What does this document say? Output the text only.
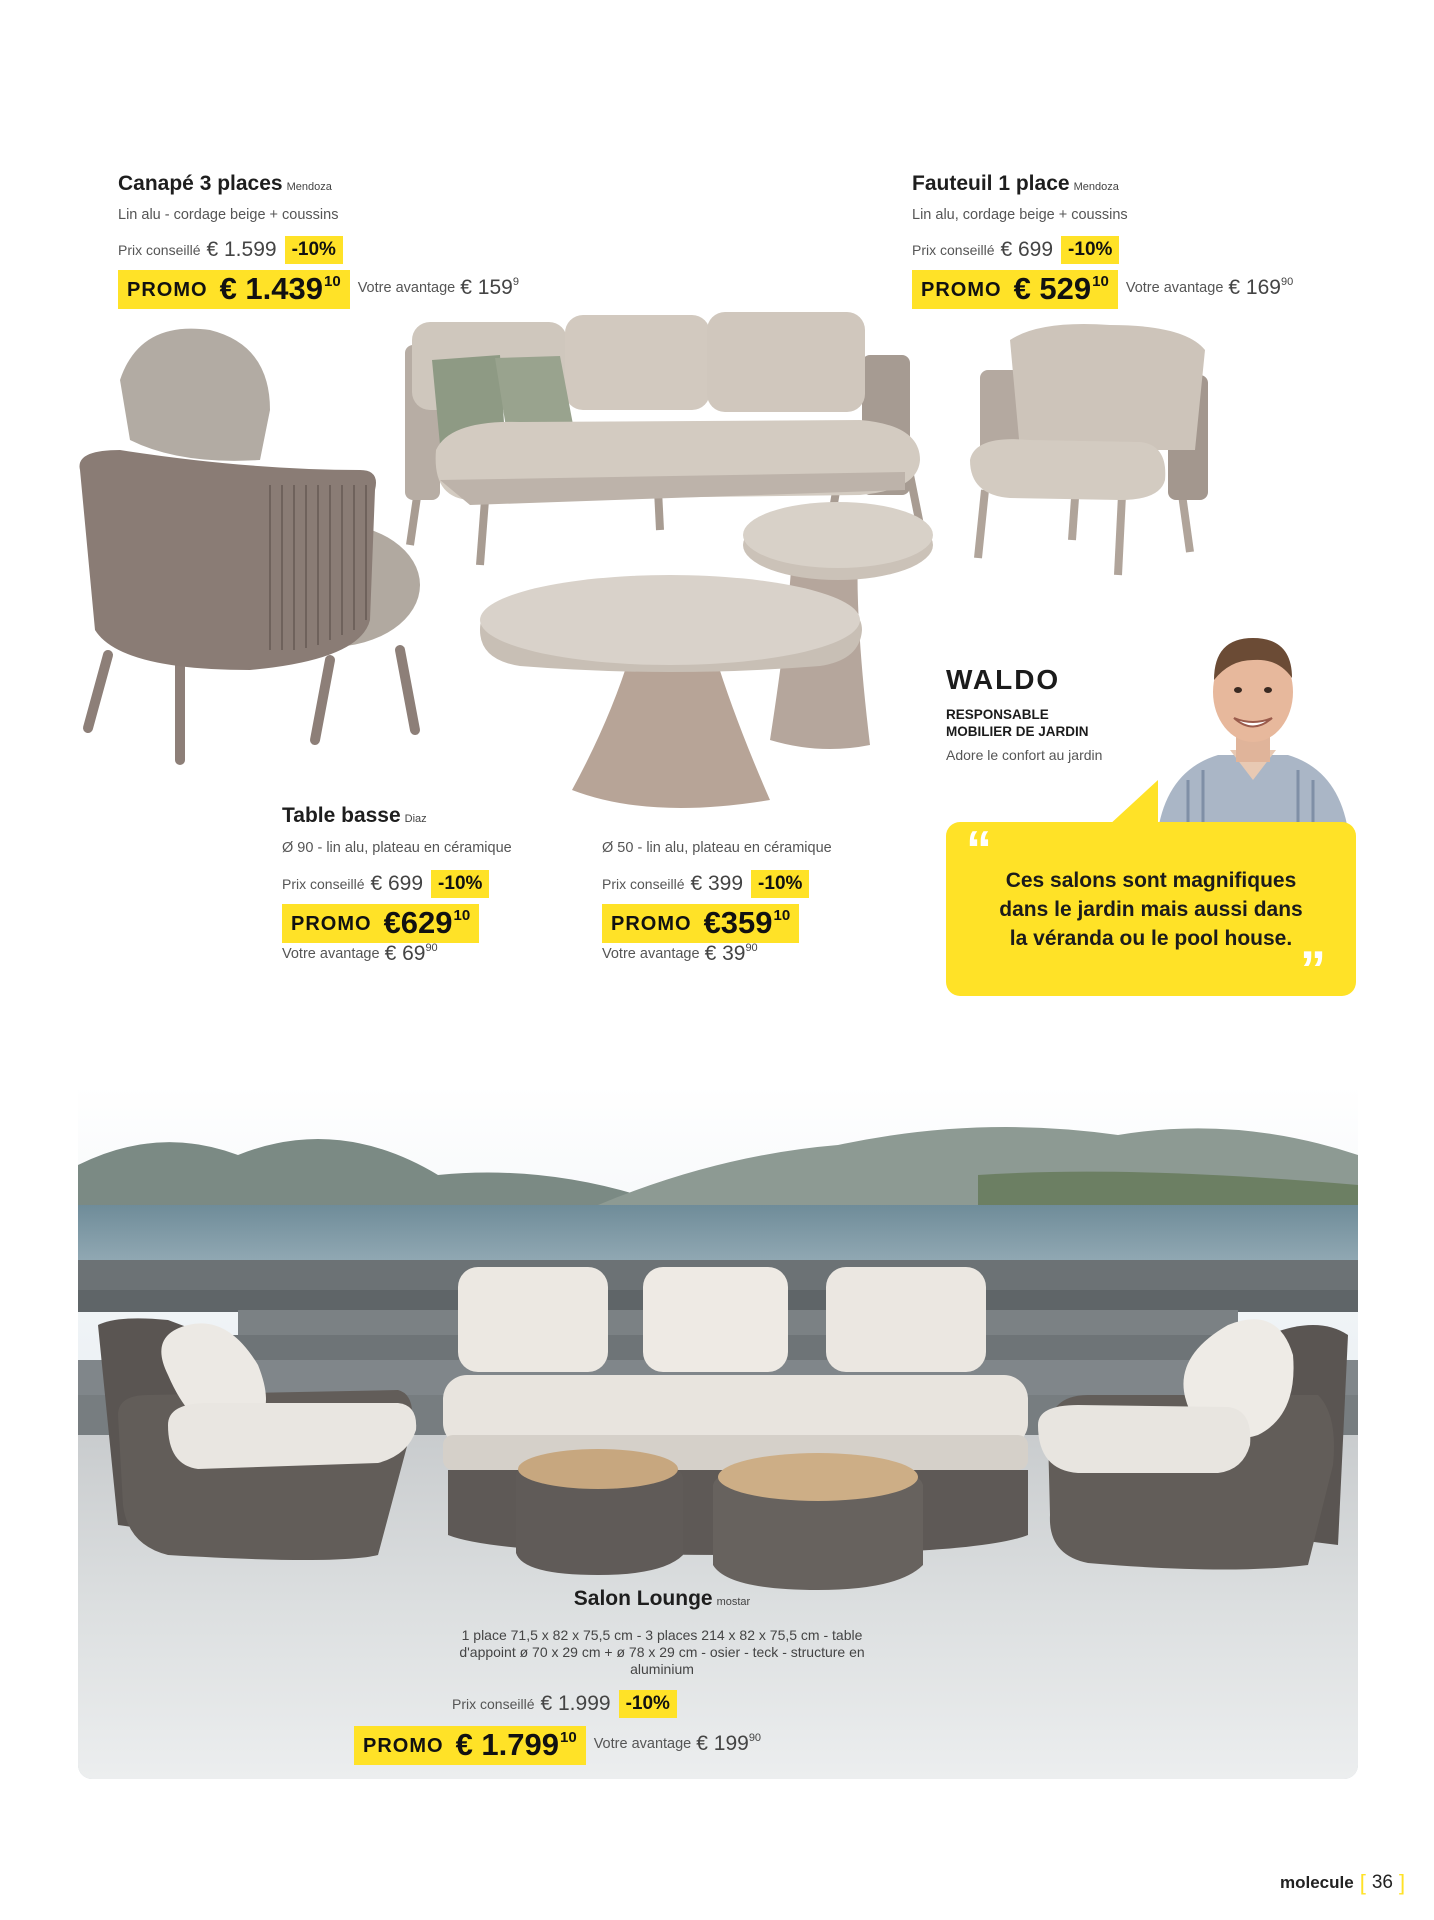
Canapé 3 places Mendoza
Lin alu - cordage beige + coussins
Prix conseillé € 1.599 -10%
PROMO € 1.439 10 Votre avantage € 159 9
Fauteuil 1 place Mendoza
Lin alu, cordage beige + coussins
Prix conseillé € 699 -10%
PROMO € 529 10 Votre avantage € 169 90
Table basse Diaz
Ø 90 - lin alu, plateau en céramique
Prix conseillé € 699 -10%
PROMO €629 10
Votre avantage € 69 90
Ø 50 - lin alu, plateau en céramique
Prix conseillé € 399 -10%
PROMO €359 10
Votre avantage € 39 90
WALDO
RESPONSABLE
MOBILIER DE JARDIN
Adore le confort au jardin
“
Ces salons sont magnifiques
dans le jardin mais aussi dans
la véranda ou le pool house.
”
Salon Lounge mostar
1 place 71,5 x 82 x 75,5 cm - 3 places 214 x 82 x 75,5 cm - table
d'appoint ø 70 x 29 cm + ø 78 x 29 cm - osier - teck - structure en
aluminium
Prix conseillé € 1.999 -10%
PROMO € 1.799 10 Votre avantage € 199 90
molecule [ 36 ]
